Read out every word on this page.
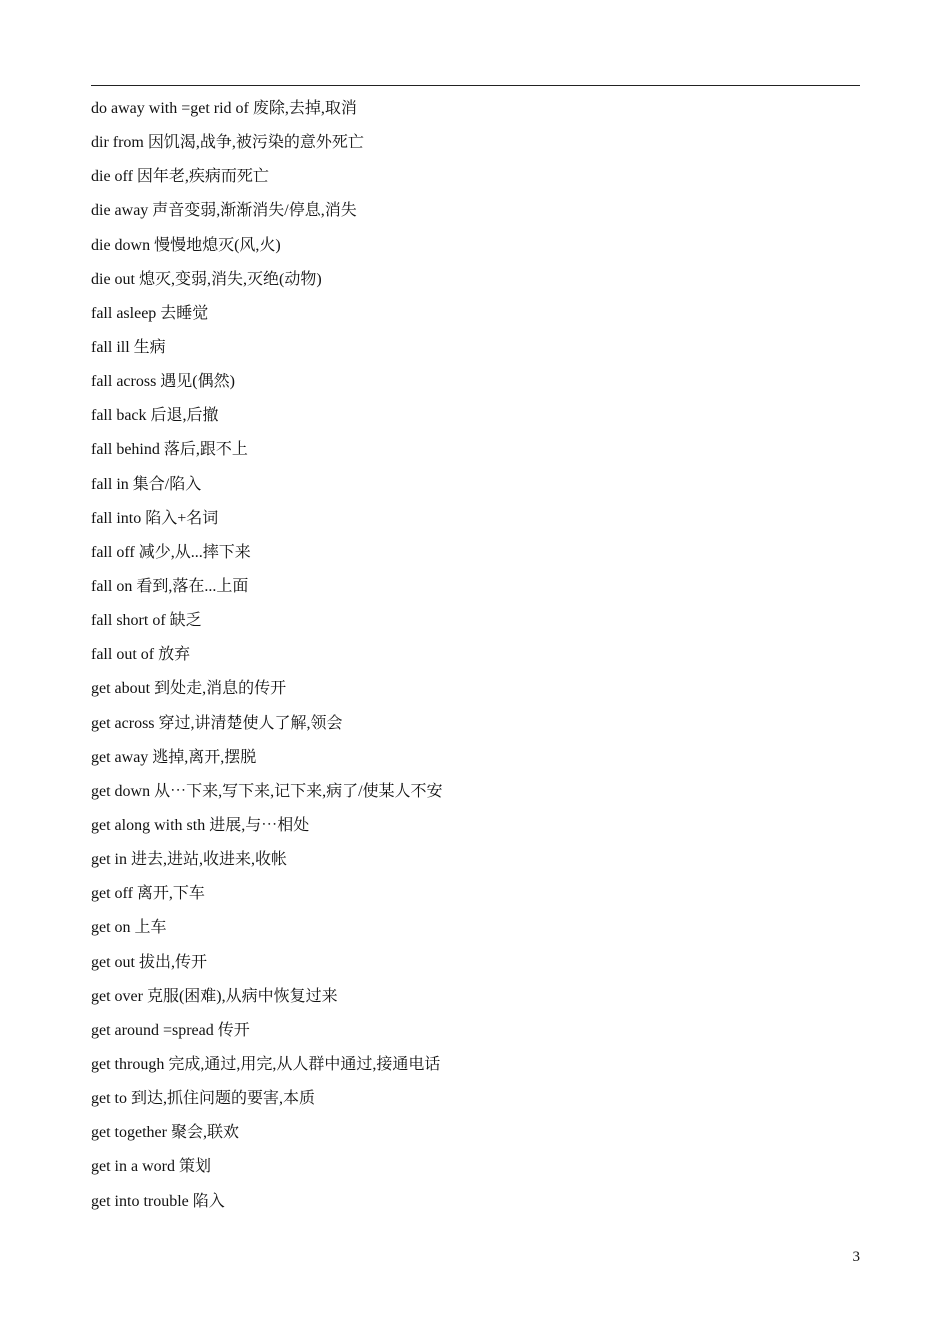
do away with =get rid of 废除,去掉,取消
dir from 因饥渴,战争,被污染的意外死亡
die off 因年老,疾病而死亡
die away 声音变弱,渐渐消失/停息,消失
die down 慢慢地熄灭(风,火)
die out 熄灭,变弱,消失,灭绝(动物)
fall asleep 去睡觉
fall ill 生病
fall across 遇见(偶然)
fall back 后退,后撤
fall behind 落后,跟不上
fall in 集合/陷入
fall into 陷入+名词
fall off 减少,从...摔下来
fall on 看到,落在...上面
fall short of 缺乏
fall out of 放弃
get about 到处走,消息的传开
get across 穿过,讲清楚使人了解,领会
get away 逃掉,离开,摆脱
get down 从⋯下来,写下来,记下来,病了/使某人不安
get along with sth 进展,与⋯相处
get in 进去,进站,收进来,收帐
get off 离开,下车
get on 上车
get out 拔出,传开
get over 克服(困难),从病中恢复过来
get around =spread 传开
get through 完成,通过,用完,从人群中通过,接通电话
get to 到达,抓住问题的要害,本质
get together 聚会,联欢
get in a word 策划
get into trouble 陷入
3
